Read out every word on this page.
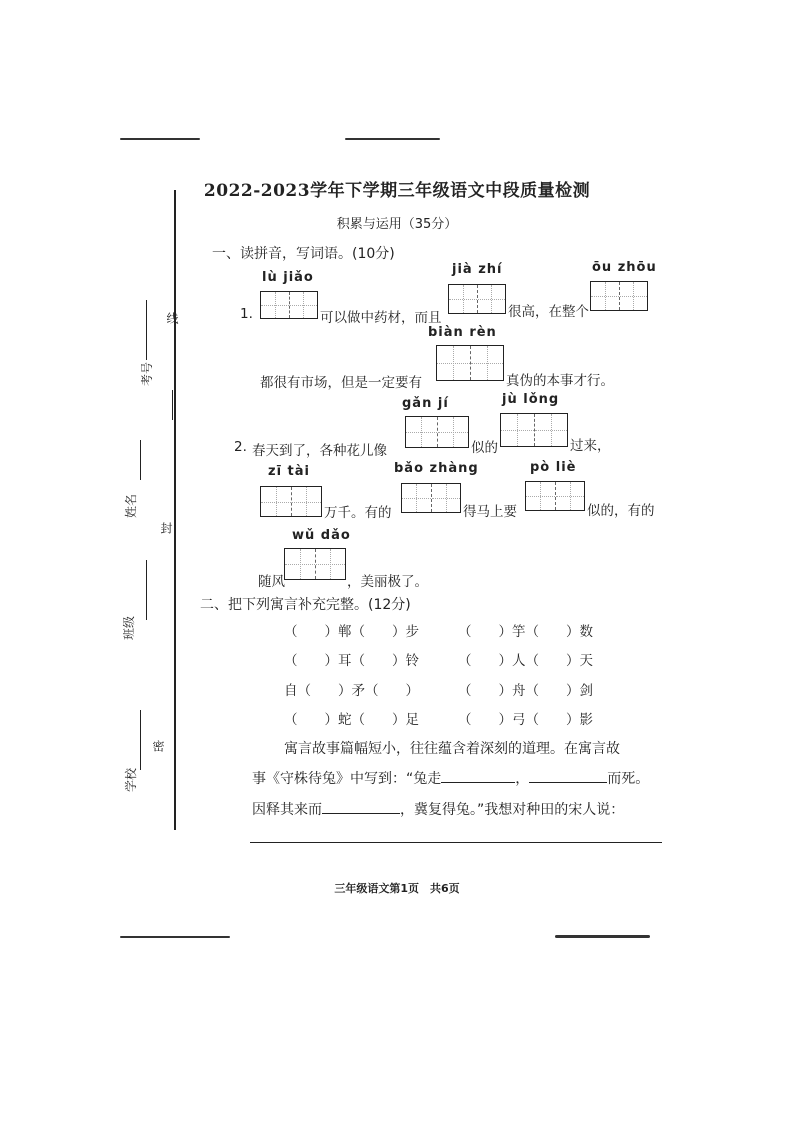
线
封
密
考号
姓名
班级
学校
2022-2023学年下学期三年级语文中段质量检测
积累与运用（35分）
一、读拼音，写词语。(10分)
lù jiǎo
jià zhí	ōu zhōu
1.	可以做中药材，而且	很高，在整个
biàn rèn
都很有市场，但是一定要有	真伪的本事才行。
gǎn jí	jù lǒng
2. 春天到了，各种花儿像	似的	过来，
zī tài	bǎo zhàng	pò liè
万千。有的	得马上要	似的，有的
wǔ dǎo
随风	，美丽极了。
二、把下列寓言补充完整。(12分)
（　　）郸（　　）步	（　　）竽（　　）数
（　　）耳（　　）铃	（　　）人（　　）天
自（　　）矛（　　）	（　　）舟（　　）剑
（　　）蛇（　　）足	（　　）弓（　　）影
寓言故事篇幅短小，往往蕴含着深刻的道理。在寓言故
事《守株待兔》中写到：“兔走	，	而死。
因释其来而	，冀复得兔。”我想对种田的宋人说：
三年级语文第1页　共6页
